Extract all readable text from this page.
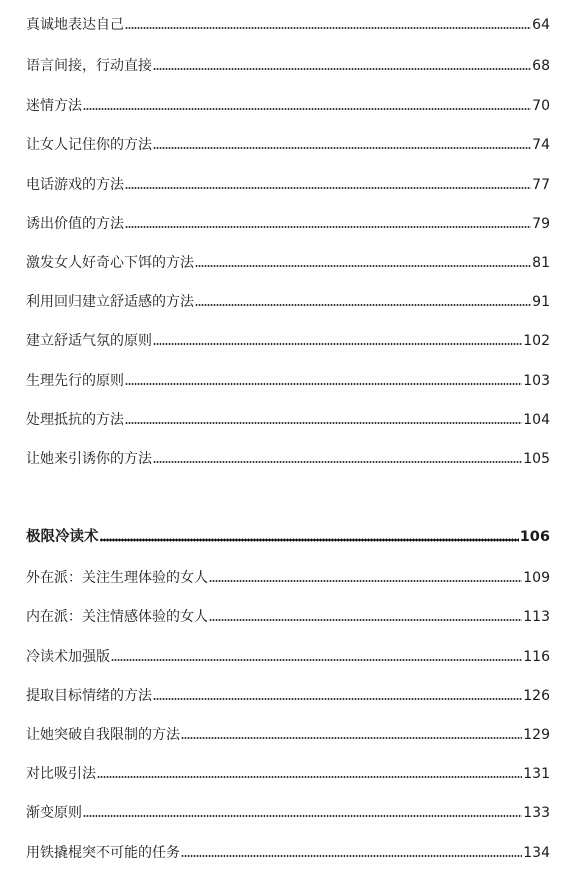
真诚地表达自己	64
语言间接，行动直接	68
迷情方法	70
让女人记住你的方法	74
电话游戏的方法	77
诱出价值的方法	79
激发女人好奇心下饵的方法	81
利用回归建立舒适感的方法	91
建立舒适气氛的原则	102
生理先行的原则	103
处理抵抗的方法	104
让她来引诱你的方法	105
极限冷读术	106
外在派：关注生理体验的女人	109
内在派：关注情感体验的女人	113
冷读术加强版	116
提取目标情绪的方法	126
让她突破自我限制的方法	129
对比吸引法	131
渐变原则	133
用铁撬棍突不可能的任务	134
